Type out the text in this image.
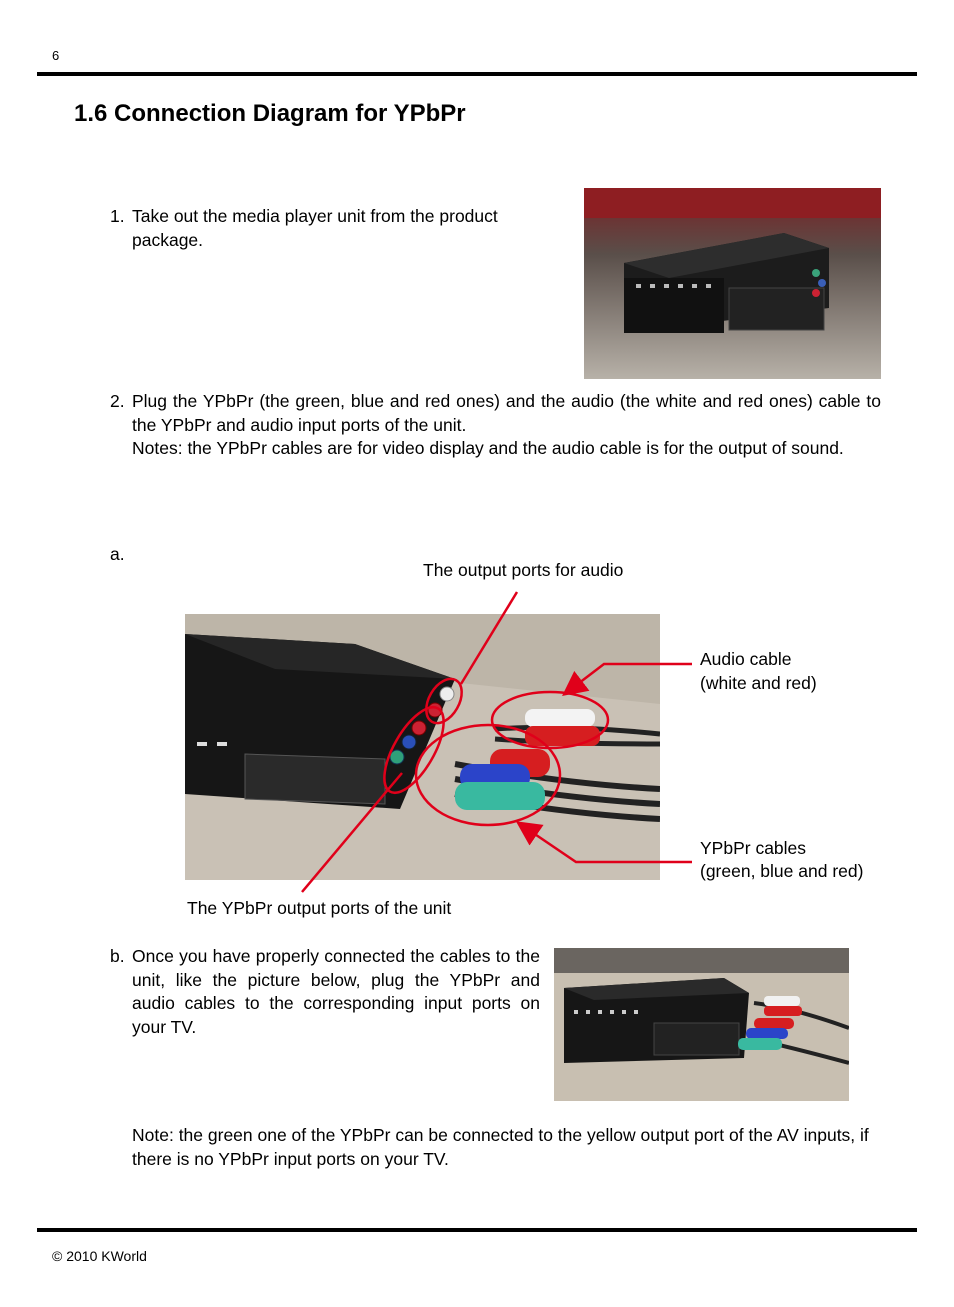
6
1.6 Connection Diagram for YPbPr
1. Take out the media player unit from the product package.
2. Plug the YPbPr (the green, blue and red ones) and the audio (the white and red ones) cable to the YPbPr and audio input ports of the unit.
Notes: the YPbPr cables are for video display and the audio cable is for the output of sound.
a.
The output ports for audio
Audio cable
(white and red)
YPbPr cables
(green, blue and red)
The YPbPr output ports of the unit
b. Once you have properly connected the cables to the unit, like the picture below, plug the YPbPr and audio cables to the corresponding input ports on your TV.
Note: the green one of the YPbPr can be connected to the yellow output port of the AV inputs, if there is no YPbPr input ports on your TV.
© 2010 KWorld
